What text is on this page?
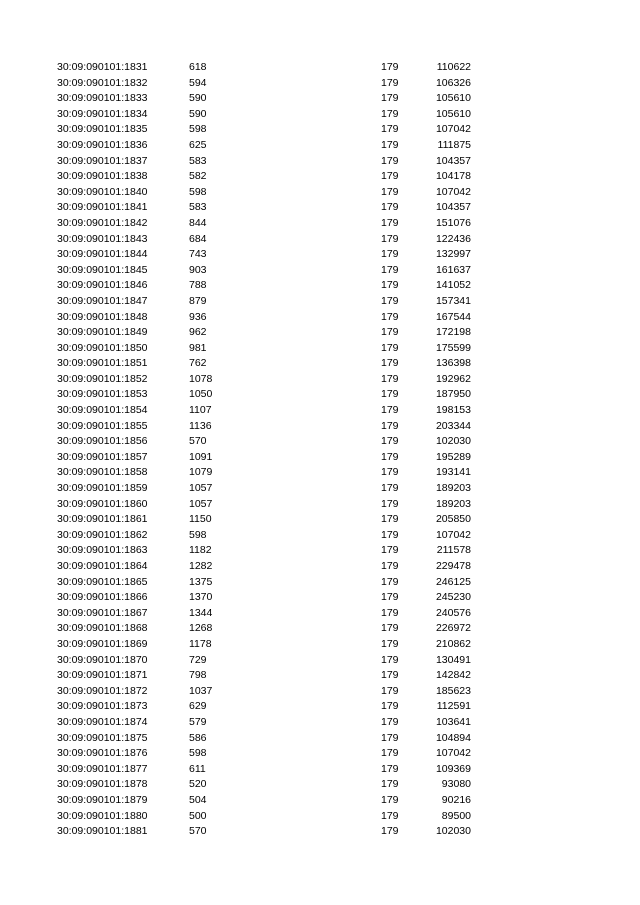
30:09:090101:1831	618	179	110622
30:09:090101:1832	594	179	106326
30:09:090101:1833	590	179	105610
30:09:090101:1834	590	179	105610
30:09:090101:1835	598	179	107042
30:09:090101:1836	625	179	111875
30:09:090101:1837	583	179	104357
30:09:090101:1838	582	179	104178
30:09:090101:1840	598	179	107042
30:09:090101:1841	583	179	104357
30:09:090101:1842	844	179	151076
30:09:090101:1843	684	179	122436
30:09:090101:1844	743	179	132997
30:09:090101:1845	903	179	161637
30:09:090101:1846	788	179	141052
30:09:090101:1847	879	179	157341
30:09:090101:1848	936	179	167544
30:09:090101:1849	962	179	172198
30:09:090101:1850	981	179	175599
30:09:090101:1851	762	179	136398
30:09:090101:1852	1078	179	192962
30:09:090101:1853	1050	179	187950
30:09:090101:1854	1107	179	198153
30:09:090101:1855	1136	179	203344
30:09:090101:1856	570	179	102030
30:09:090101:1857	1091	179	195289
30:09:090101:1858	1079	179	193141
30:09:090101:1859	1057	179	189203
30:09:090101:1860	1057	179	189203
30:09:090101:1861	1150	179	205850
30:09:090101:1862	598	179	107042
30:09:090101:1863	1182	179	211578
30:09:090101:1864	1282	179	229478
30:09:090101:1865	1375	179	246125
30:09:090101:1866	1370	179	245230
30:09:090101:1867	1344	179	240576
30:09:090101:1868	1268	179	226972
30:09:090101:1869	1178	179	210862
30:09:090101:1870	729	179	130491
30:09:090101:1871	798	179	142842
30:09:090101:1872	1037	179	185623
30:09:090101:1873	629	179	112591
30:09:090101:1874	579	179	103641
30:09:090101:1875	586	179	104894
30:09:090101:1876	598	179	107042
30:09:090101:1877	611	179	109369
30:09:090101:1878	520	179	93080
30:09:090101:1879	504	179	90216
30:09:090101:1880	500	179	89500
30:09:090101:1881	570	179	102030
